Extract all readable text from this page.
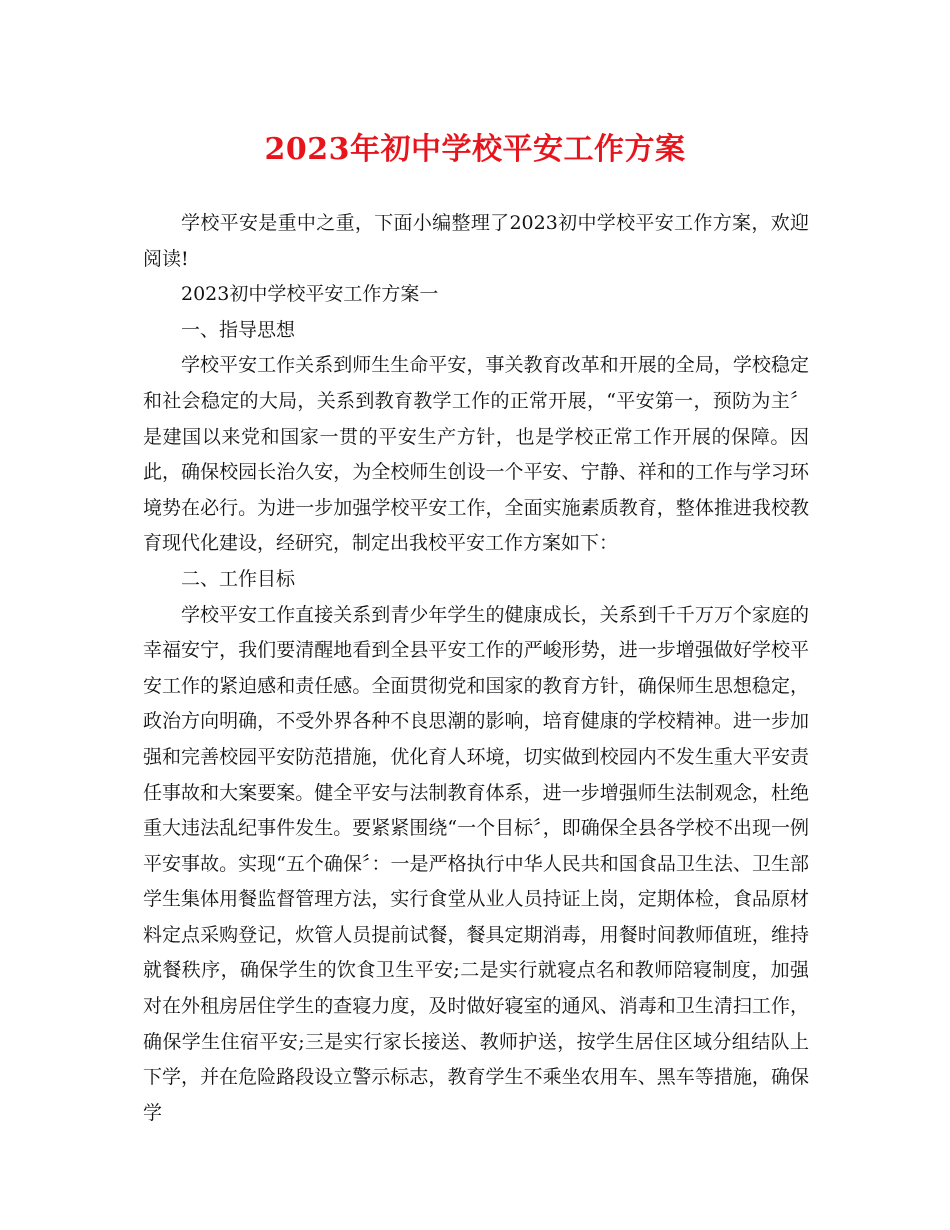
2023年初中学校平安工作方案

学校平安是重中之重，下面小编整理了2023初中学校平安工作方案，欢迎阅读!

2023初中学校平安工作方案一

一、指导思想

学校平安工作关系到师生生命平安，事关教育改革和开展的全局，学校稳定和社会稳定的大局，关系到教育教学工作的正常开展，“平安第一，预防为主〞是建国以来党和国家一贯的平安生产方针，也是学校正常工作开展的保障。因此，确保校园长治久安，为全校师生创设一个平安、宁静、祥和的工作与学习环境势在必行。为进一步加强学校平安工作，全面实施素质教育，整体推进我校教育现代化建设，经研究，制定出我校平安工作方案如下：

二、工作目标

学校平安工作直接关系到青少年学生的健康成长，关系到千千万万个家庭的幸福安宁，我们要清醒地看到全县平安工作的严峻形势，进一步增强做好学校平安工作的紧迫感和责任感。全面贯彻党和国家的教育方针，确保师生思想稳定，政治方向明确，不受外界各种不良思潮的影响，培育健康的学校精神。进一步加强和完善校园平安防范措施，优化育人环境，切实做到校园内不发生重大平安责任事故和大案要案。健全平安与法制教育体系，进一步增强师生法制观念，杜绝重大违法乱纪事件发生。要紧紧围绕“一个目标〞，即确保全县各学校不出现一例平安事故。实现“五个确保〞：一是严格执行中华人民共和国食品卫生法、卫生部学生集体用餐监督管理方法，实行食堂从业人员持证上岗，定期体检，食品原材料定点采购登记，炊管人员提前试餐，餐具定期消毒，用餐时间教师值班，维持就餐秩序，确保学生的饮食卫生平安;二是实行就寝点名和教师陪寝制度，加强对在外租房居住学生的查寝力度，及时做好寝室的通风、消毒和卫生清扫工作，确保学生住宿平安;三是实行家长接送、教师护送，按学生居住区域分组结队上下学，并在危险路段设立警示标志，教育学生不乘坐农用车、黑车等措施，确保学
